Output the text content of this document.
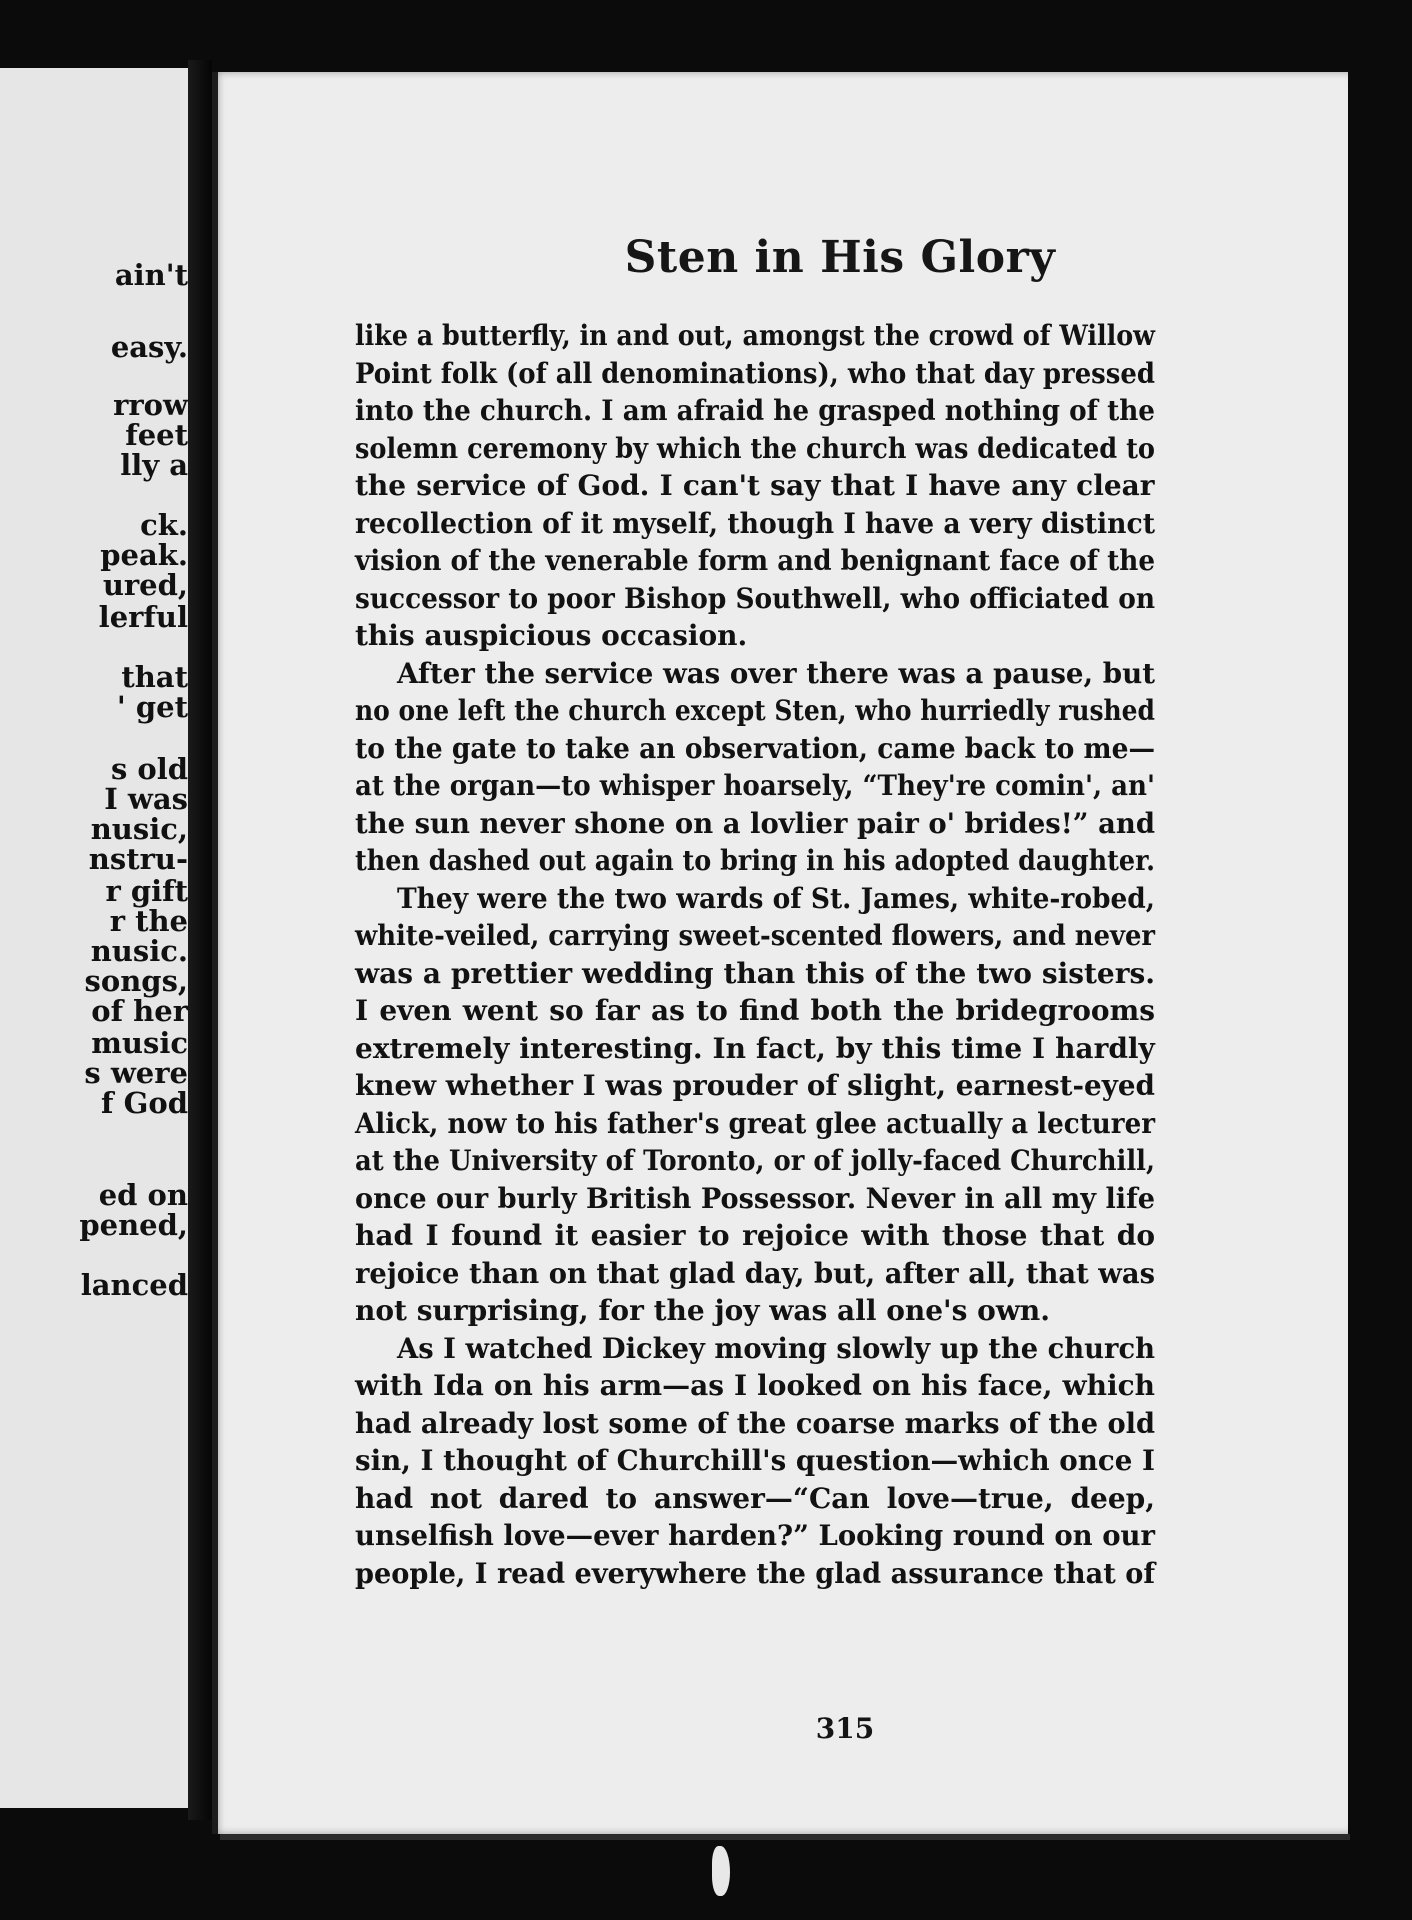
ain't
easy.
rrow
feet
lly a
ck.
peak.
ured,
lerful
that
' get
s old
I was
nusic,
nstru-
r gift
r the
nusic.
songs,
of her
music
s were
f God
ed on
pened,
lanced
Sten in His Glory
like a butterfly, in and out, amongst the crowd of Willow
Point folk (of all denominations), who that day pressed
into the church. I am afraid he grasped nothing of the
solemn ceremony by which the church was dedicated to
the service of God. I can't say that I have any clear
recollection of it myself, though I have a very distinct
vision of the venerable form and benignant face of the
successor to poor Bishop Southwell, who officiated on
this auspicious occasion.
After the service was over there was a pause, but
no one left the church except Sten, who hurriedly rushed
to the gate to take an observation, came back to me—
at the organ—to whisper hoarsely, “They're comin', an'
the sun never shone on a lovlier pair o' brides!” and
then dashed out again to bring in his adopted daughter.
They were the two wards of St. James, white-robed,
white-veiled, carrying sweet-scented flowers, and never
was a prettier wedding than this of the two sisters.
I even went so far as to find both the bridegrooms
extremely interesting. In fact, by this time I hardly
knew whether I was prouder of slight, earnest-eyed
Alick, now to his father's great glee actually a lecturer
at the University of Toronto, or of jolly-faced Churchill,
once our burly British Possessor. Never in all my life
had I found it easier to rejoice with those that do
rejoice than on that glad day, but, after all, that was
not surprising, for the joy was all one's own.
As I watched Dickey moving slowly up the church
with Ida on his arm—as I looked on his face, which
had already lost some of the coarse marks of the old
sin, I thought of Churchill's question—which once I
had not dared to answer—“Can love—true, deep,
unselfish love—ever harden?” Looking round on our
people, I read everywhere the glad assurance that of
315
